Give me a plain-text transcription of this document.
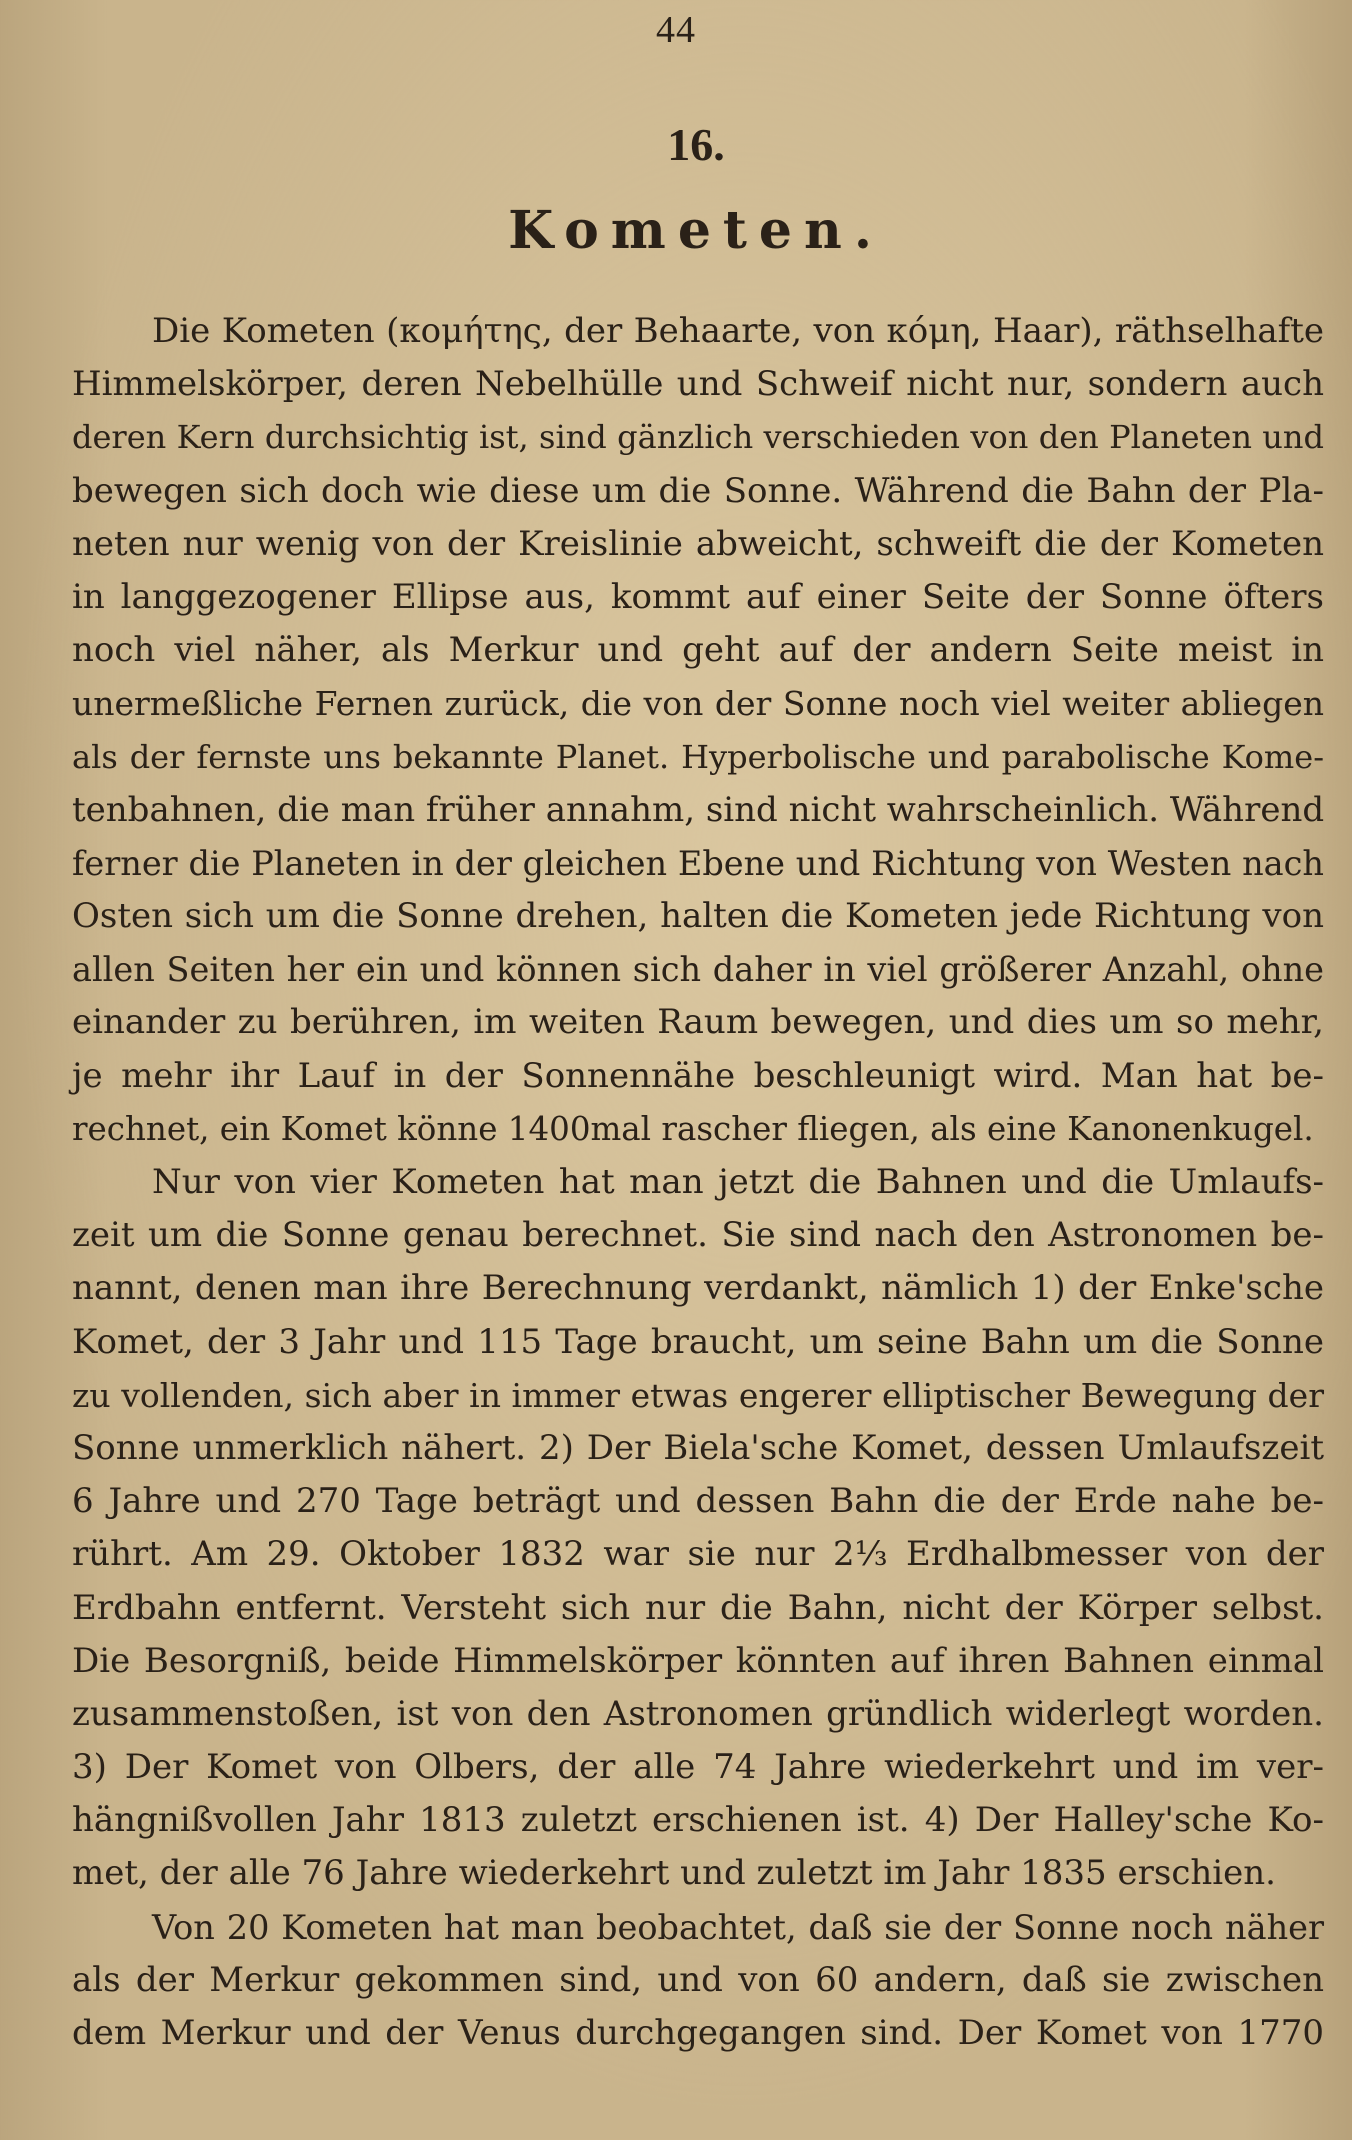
44
16.
Kometen.
Die Kometen (κομήτης, der Behaarte, von κόμη, Haar), räthselhafte
Himmelskörper, deren Nebelhülle und Schweif nicht nur, sondern auch
deren Kern durchsichtig ist, sind gänzlich verschieden von den Planeten und
bewegen sich doch wie diese um die Sonne. Während die Bahn der Pla-
neten nur wenig von der Kreislinie abweicht, schweift die der Kometen
in langgezogener Ellipse aus, kommt auf einer Seite der Sonne öfters
noch viel näher, als Merkur und geht auf der andern Seite meist in
unermeßliche Fernen zurück, die von der Sonne noch viel weiter abliegen
als der fernste uns bekannte Planet. Hyperbolische und parabolische Kome-
tenbahnen, die man früher annahm, sind nicht wahrscheinlich. Während
ferner die Planeten in der gleichen Ebene und Richtung von Westen nach
Osten sich um die Sonne drehen, halten die Kometen jede Richtung von
allen Seiten her ein und können sich daher in viel größerer Anzahl, ohne
einander zu berühren, im weiten Raum bewegen, und dies um so mehr,
je mehr ihr Lauf in der Sonnennähe beschleunigt wird. Man hat be-
rechnet, ein Komet könne 1400mal rascher fliegen, als eine Kanonenkugel.
Nur von vier Kometen hat man jetzt die Bahnen und die Umlaufs-
zeit um die Sonne genau berechnet. Sie sind nach den Astronomen be-
nannt, denen man ihre Berechnung verdankt, nämlich 1) der Enke'sche
Komet, der 3 Jahr und 115 Tage braucht, um seine Bahn um die Sonne
zu vollenden, sich aber in immer etwas engerer elliptischer Bewegung der
Sonne unmerklich nähert. 2) Der Biela'sche Komet, dessen Umlaufszeit
6 Jahre und 270 Tage beträgt und dessen Bahn die der Erde nahe be-
rührt. Am 29. Oktober 1832 war sie nur 2⅓ Erdhalbmesser von der
Erdbahn entfernt. Versteht sich nur die Bahn, nicht der Körper selbst.
Die Besorgniß, beide Himmelskörper könnten auf ihren Bahnen einmal
zusammenstoßen, ist von den Astronomen gründlich widerlegt worden.
3) Der Komet von Olbers, der alle 74 Jahre wiederkehrt und im ver-
hängnißvollen Jahr 1813 zuletzt erschienen ist. 4) Der Halley'sche Ko-
met, der alle 76 Jahre wiederkehrt und zuletzt im Jahr 1835 erschien.
Von 20 Kometen hat man beobachtet, daß sie der Sonne noch näher
als der Merkur gekommen sind, und von 60 andern, daß sie zwischen
dem Merkur und der Venus durchgegangen sind. Der Komet von 1770
